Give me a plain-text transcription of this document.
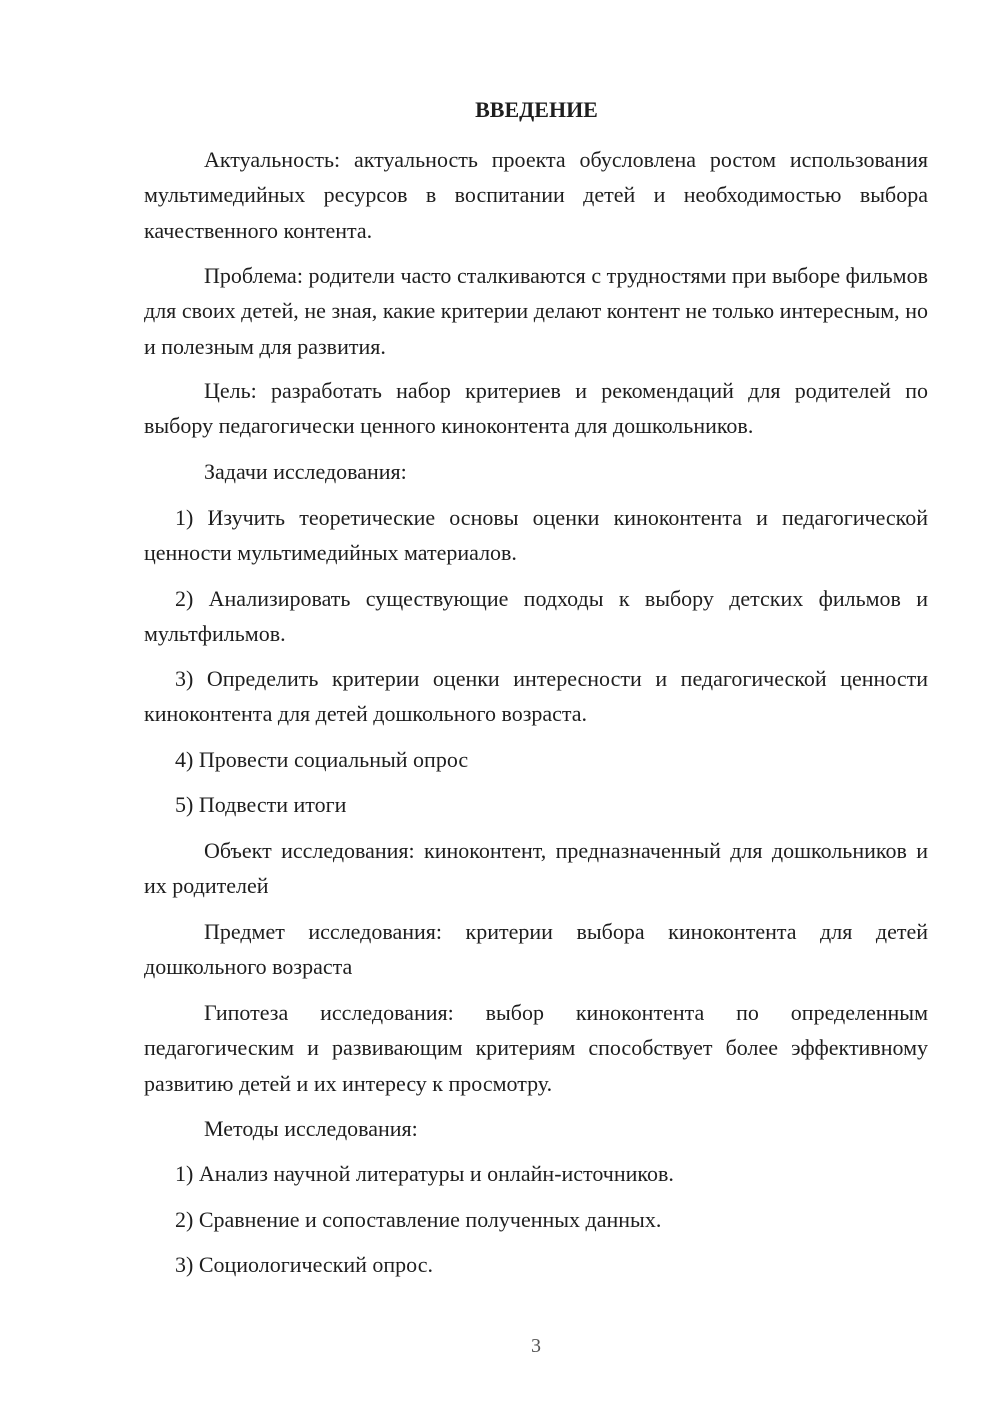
ВВЕДЕНИЕ

Актуальность: актуальность проекта обусловлена ростом использования мультимедийных ресурсов в воспитании детей и необходимостью выбора качественного контента.

Проблема: родители часто сталкиваются с трудностями при выборе фильмов для своих детей, не зная, какие критерии делают контент не только интересным, но и полезным для развития.

Цель: разработать набор критериев и рекомендаций для родителей по выбору педагогически ценного киноконтента для дошкольников.

Задачи исследования:

1) Изучить теоретические основы оценки киноконтента и педагогической ценности мультимедийных материалов.

2) Анализировать существующие подходы к выбору детских фильмов и мультфильмов.

3) Определить критерии оценки интересности и педагогической ценности киноконтента для детей дошкольного возраста.

4) Провести социальный опрос

5) Подвести итоги

Объект исследования: киноконтент, предназначенный для дошкольников и их родителей

Предмет исследования: критерии выбора киноконтента для детей дошкольного возраста

Гипотеза исследования: выбор киноконтента по определенным педагогическим и развивающим критериям способствует более эффективному развитию детей и их интересу к просмотру.

Методы исследования:

1) Анализ научной литературы и онлайн-источников.

2) Сравнение и сопоставление полученных данных.

3) Социологический опрос.

3
